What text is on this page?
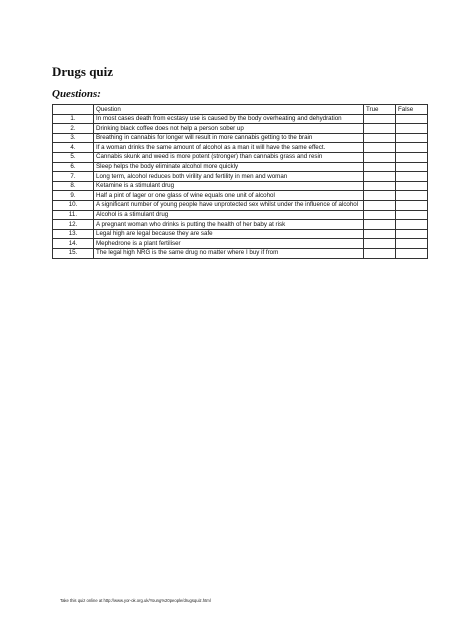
Drugs quiz
Questions:
	Question	True	False
1.	In most cases death from ecstasy use is caused by the body overheating and dehydration		
2.	Drinking black coffee does not help a person sober up		
3.	Breathing in cannabis for longer will result in more cannabis getting to the brain		
4.	If a woman drinks the same amount of alcohol as a man it will have the same effect.		
5.	Cannabis skunk and weed is more potent (stronger) than cannabis grass and resin		
6.	Sleep helps the body eliminate alcohol more quickly		
7.	Long term, alcohol reduces both virility and fertility in men and woman		
8.	Ketamine is a stimulant drug		
9.	Half a pint of lager or one glass of wine equals one unit of alcohol		
10.	A significant number of young people have unprotected sex whilst under the influence of alcohol		
11.	Alcohol is a stimulant drug		
12.	A pregnant woman who drinks is putting the health of her baby at risk		
13.	Legal high are legal because they are safe		
14.	Mephedrone is a plant fertiliser		
15.	The legal high NRG is the same drug no matter where I buy if from		
Take this quiz online at http://www.yor-ok.org.uk/Young%20people/drugsquiz.html
